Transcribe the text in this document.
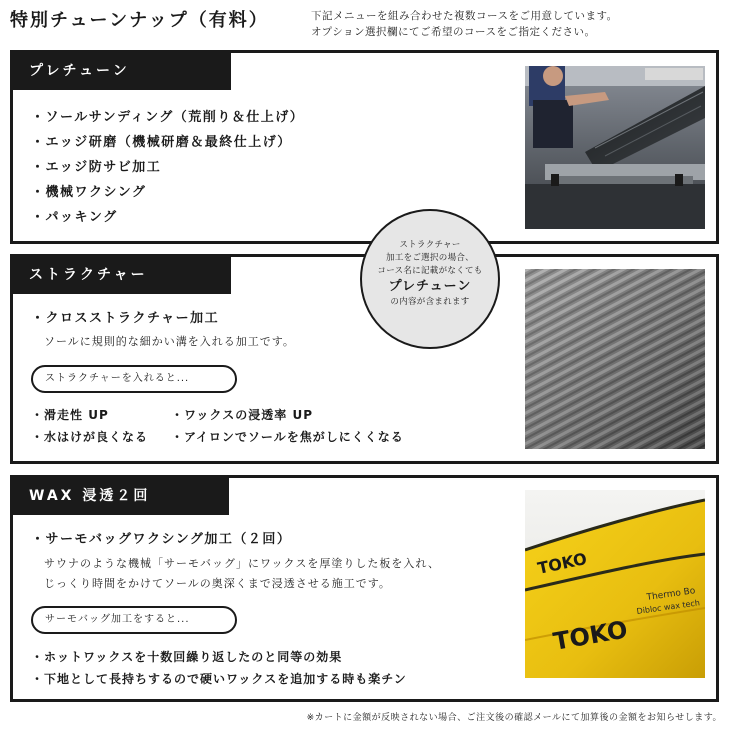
特別チューンナップ（有料）	下記メニューを組み合わせた複数コースをご用意しています。
オプション選択欄にてご希望のコースをご指定ください。
プレチューン
・ ソールサンディング（荒削り＆仕上げ）
・ エッジ研磨（機械研磨＆最終仕上げ）
・ エッジ防サビ加工
・ 機械ワクシング
・ パッキング
ストラクチャー
加工をご選択の場合、
コース名に記載がなくても
プレチューン
の内容が含まれます
ストラクチャー
・ クロスストラクチャー加工
ソールに規則的な細かい溝を入れる加工です。
ストラクチャーを入れると...
・ 滑走性 UP	・ ワックスの浸透率 UP
・ 水はけが良くなる	・ アイロンでソールを焦がしにくくなる
WAX 浸透２回
・ サーモバッグワクシング加工（２回）
サウナのような機械「サーモバッグ」にワックスを厚塗りした板を入れ、
じっくり時間をかけてソールの奥深くまで浸透させる施工です。
サーモバッグ加工をすると...
・ ホットワックスを十数回繰り返したのと同等の効果
・ 下地として長持ちするので硬いワックスを追加する時も楽チン
TOKO
TOKO
Thermo Bo
Dibloc wax tech
※カートに金額が反映されない場合、ご注文後の確認メールにて加算後の金額をお知らせします。
